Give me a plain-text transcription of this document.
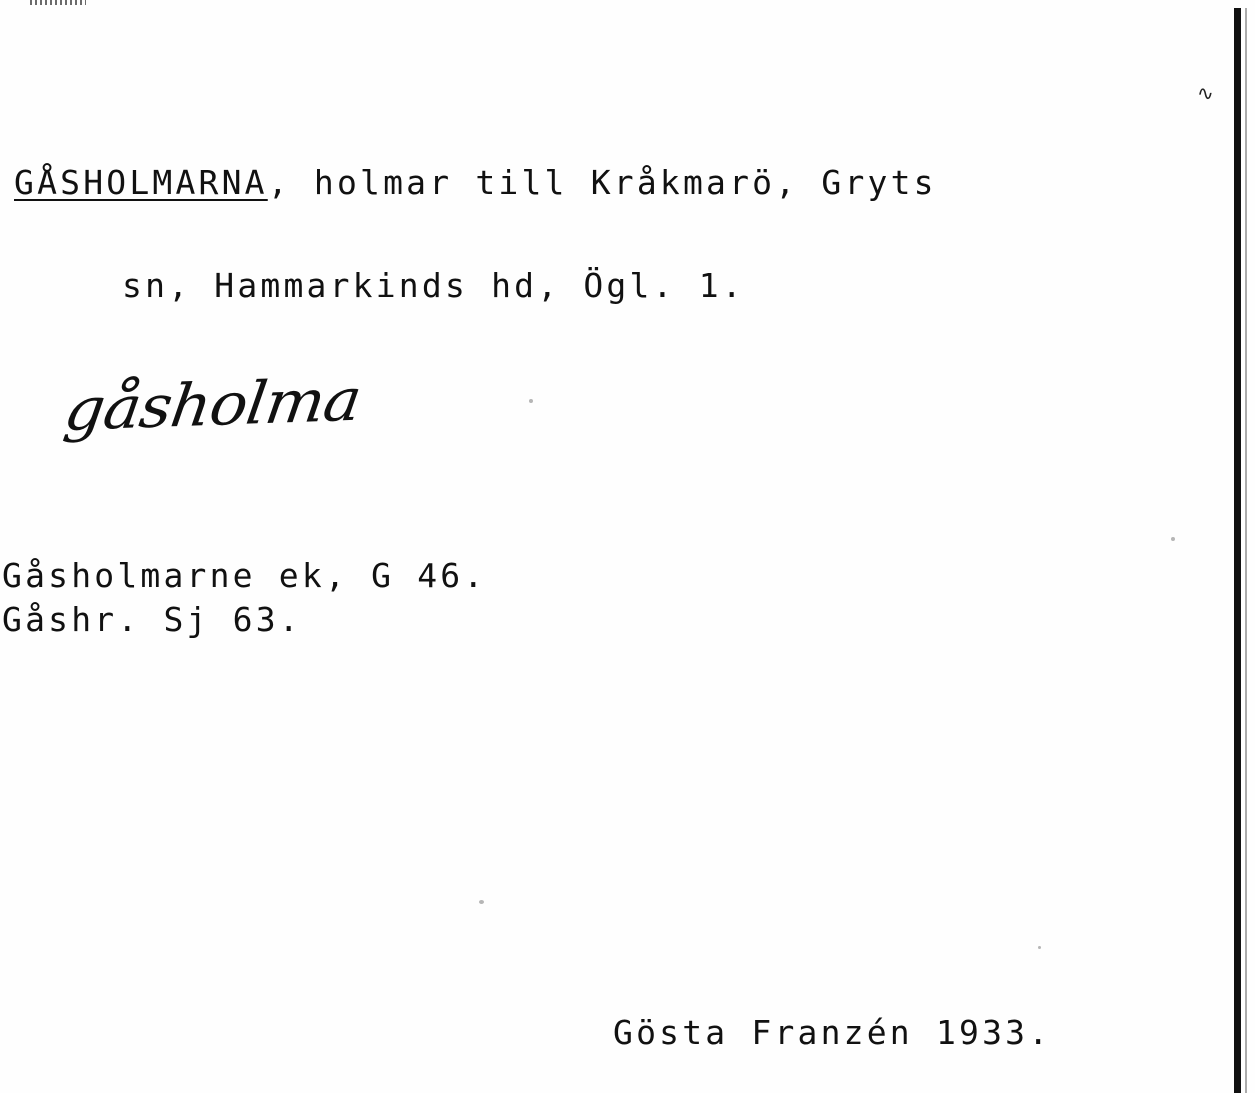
∿
GÅSHOLMARNA, holmar till Kråkmarö, Gryts
sn, Hammarkinds hd, Ögl. 1.
gåsholma
Gåsholmarne ek, G 46.
Gåshr. Sj 63.
Gösta Franzén 1933.
